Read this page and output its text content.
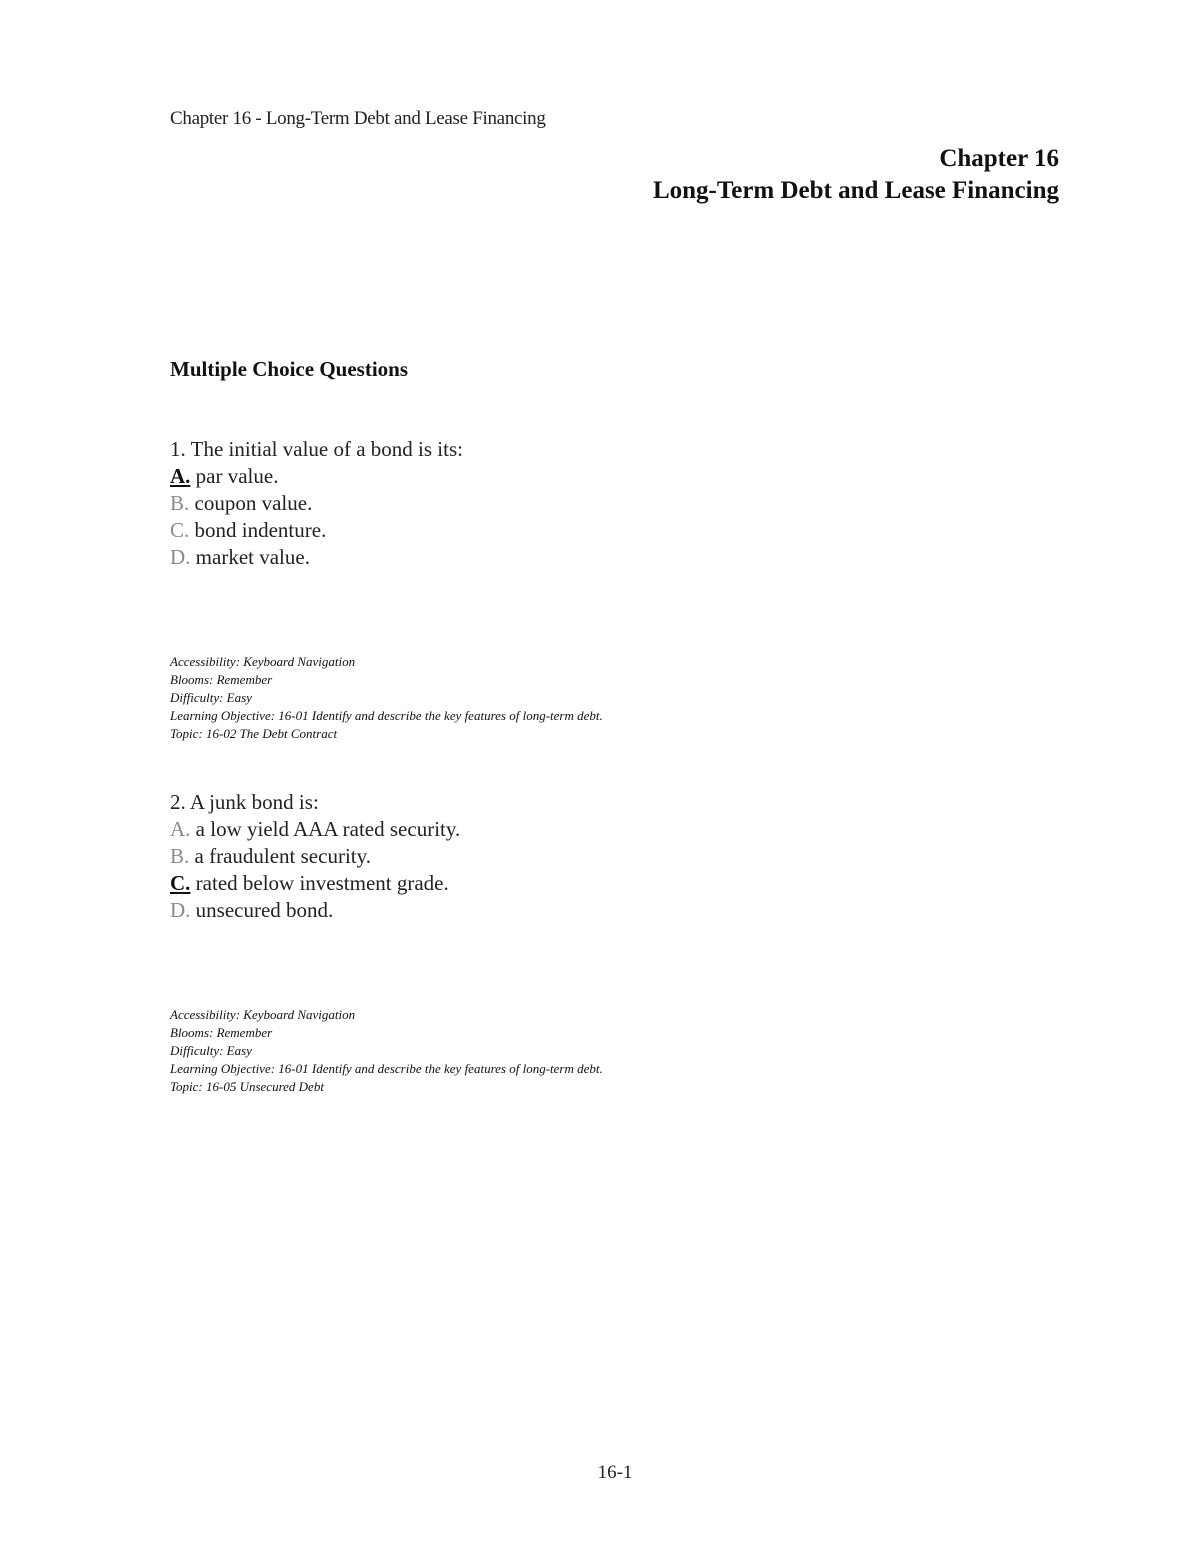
Chapter 16 - Long-Term Debt and Lease Financing
Chapter 16
Long-Term Debt and Lease Financing
Multiple Choice Questions
1. The initial value of a bond is its:
A. par value.
B. coupon value.
C. bond indenture.
D. market value.
Accessibility: Keyboard Navigation
Blooms: Remember
Difficulty: Easy
Learning Objective: 16-01 Identify and describe the key features of long-term debt.
Topic: 16-02 The Debt Contract
2. A junk bond is:
A. a low yield AAA rated security.
B. a fraudulent security.
C. rated below investment grade.
D. unsecured bond.
Accessibility: Keyboard Navigation
Blooms: Remember
Difficulty: Easy
Learning Objective: 16-01 Identify and describe the key features of long-term debt.
Topic: 16-05 Unsecured Debt
16-1
